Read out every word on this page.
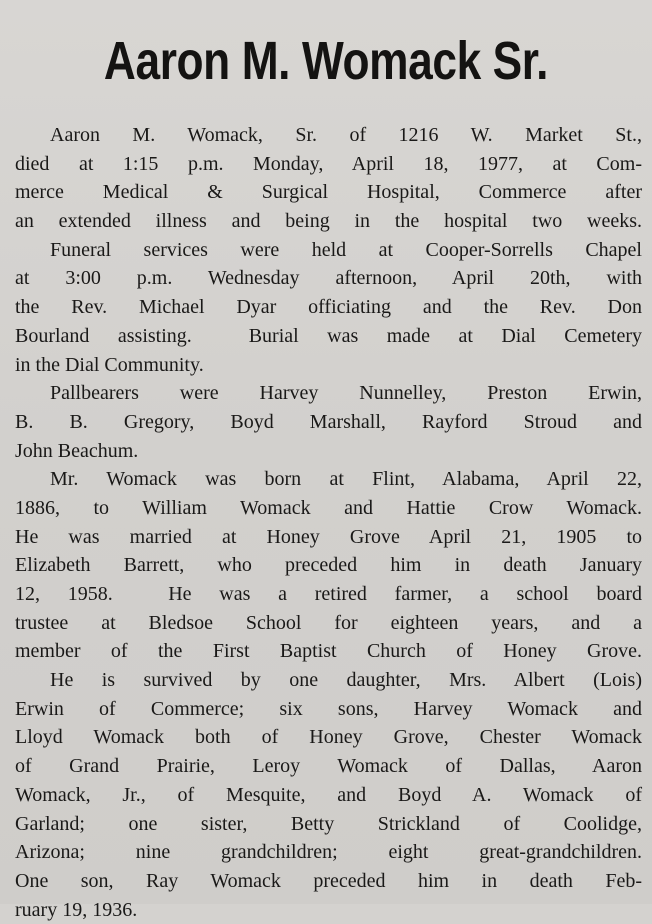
Aaron M. Womack Sr.
Aaron M. Womack, Sr. of 1216 W. Market St.,
died at 1:15 p.m. Monday, April 18, 1977, at Com-
merce Medical & Surgical Hospital, Commerce after
an extended illness and being in the hospital two weeks.
Funeral services were held at Cooper-Sorrells Chapel
at 3:00 p.m. Wednesday afternoon, April 20th, with
the Rev. Michael Dyar officiating and the Rev. Don
Bourland assisting.  Burial was made at Dial Cemetery
in the Dial Community.
Pallbearers were Harvey Nunnelley, Preston Erwin,
B. B. Gregory, Boyd Marshall, Rayford Stroud and
John Beachum.
Mr. Womack was born at Flint, Alabama, April 22,
1886, to William Womack and Hattie Crow Womack.
He was married at Honey Grove April 21, 1905 to
Elizabeth Barrett, who preceded him in death January
12, 1958.  He was a retired farmer, a school board
trustee at Bledsoe School for eighteen years, and a
member of the First Baptist Church of Honey Grove.
He is survived by one daughter, Mrs. Albert (Lois)
Erwin of Commerce; six sons, Harvey Womack and
Lloyd Womack both of Honey Grove, Chester Womack
of Grand Prairie, Leroy Womack of Dallas, Aaron
Womack, Jr., of Mesquite, and Boyd A. Womack of
Garland; one sister, Betty Strickland of Coolidge,
Arizona; nine grandchildren; eight great-grandchildren.
One son, Ray Womack preceded him in death Feb-
ruary 19, 1936.
